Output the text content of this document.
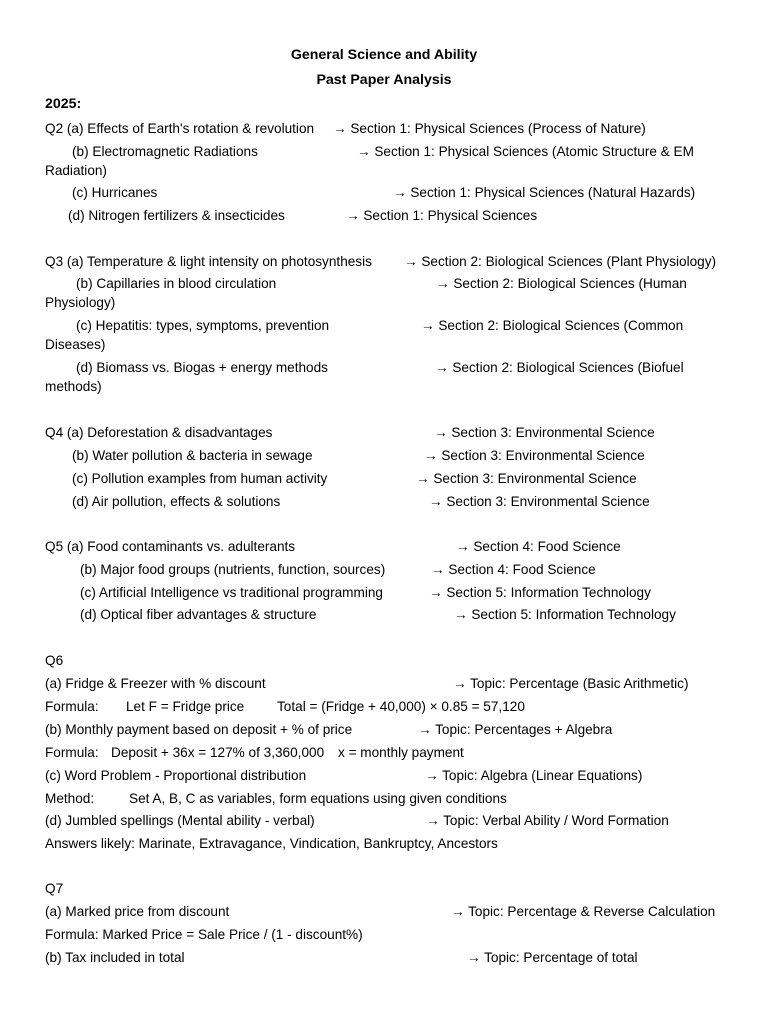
General Science and Ability
Past Paper Analysis
2025:
Q2 (a) Effects of Earth's rotation & revolution → Section 1: Physical Sciences (Process of Nature)
(b) Electromagnetic Radiations	→ Section 1: Physical Sciences (Atomic Structure & EM
Radiation)
(c) Hurricanes	→ Section 1: Physical Sciences (Natural Hazards)
(d) Nitrogen fertilizers & insecticides	→ Section 1: Physical Sciences
Q3 (a) Temperature & light intensity on photosynthesis → Section 2: Biological Sciences (Plant Physiology)
(b) Capillaries in blood circulation	→ Section 2: Biological Sciences (Human
Physiology)
(c) Hepatitis: types, symptoms, prevention	→ Section 2: Biological Sciences (Common
Diseases)
(d) Biomass vs. Biogas + energy methods	→ Section 2: Biological Sciences (Biofuel
methods)
Q4 (a) Deforestation & disadvantages	→ Section 3: Environmental Science
(b) Water pollution & bacteria in sewage	→ Section 3: Environmental Science
(c) Pollution examples from human activity	→ Section 3: Environmental Science
(d) Air pollution, effects & solutions	→ Section 3: Environmental Science
Q5 (a) Food contaminants vs. adulterants	→ Section 4: Food Science
(b) Major food groups (nutrients, function, sources)	→ Section 4: Food Science
(c) Artificial Intelligence vs traditional programming	→ Section 5: Information Technology
(d) Optical fiber advantages & structure	→ Section 5: Information Technology
Q6
(a) Fridge & Freezer with % discount	→ Topic: Percentage (Basic Arithmetic)
Formula: Let F = Fridge price Total = (Fridge + 40,000) × 0.85 = 57,120
(b) Monthly payment based on deposit + % of price	→ Topic: Percentages + Algebra
Formula: Deposit + 36x = 127% of 3,360,000 x = monthly payment
(c) Word Problem - Proportional distribution	→ Topic: Algebra (Linear Equations)
Method:	Set A, B, C as variables, form equations using given conditions
(d) Jumbled spellings (Mental ability - verbal)	→ Topic: Verbal Ability / Word Formation
Answers likely: Marinate, Extravagance, Vindication, Bankruptcy, Ancestors
Q7
(a) Marked price from discount	→ Topic: Percentage & Reverse Calculation
Formula: Marked Price = Sale Price / (1 - discount%)
(b) Tax included in total	→ Topic: Percentage of total
